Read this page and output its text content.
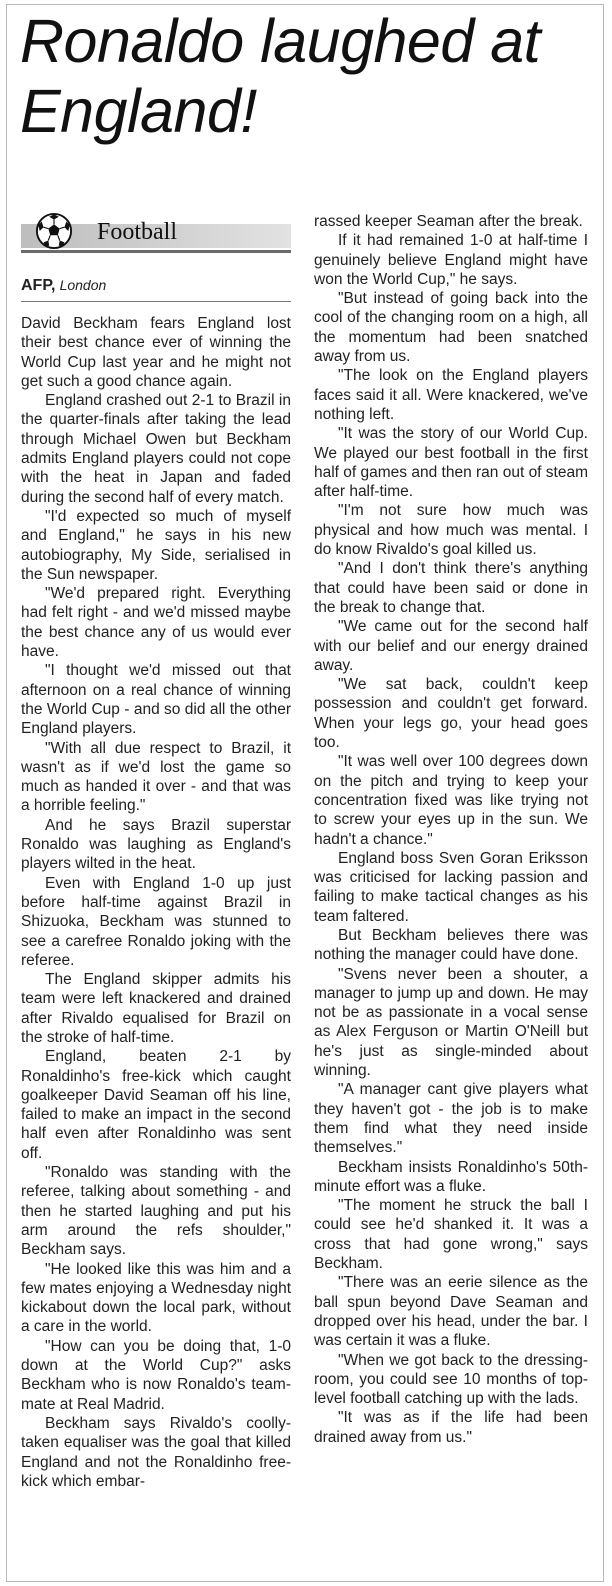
Ronaldo laughed at England!
Football
AFP, London

David Beckham fears England lost their best chance ever of winning the World Cup last year and he might not get such a good chance again.

England crashed out 2-1 to Brazil in the quarter-finals after taking the lead through Michael Owen but Beckham admits England players could not cope with the heat in Japan and faded during the second half of every match.

"I'd expected so much of myself and England," he says in his new autobiography, My Side, serialised in the Sun newspaper.

"We'd prepared right. Everything had felt right - and we'd missed maybe the best chance any of us would ever have.

"I thought we'd missed out that afternoon on a real chance of winning the World Cup - and so did all the other England players.

"With all due respect to Brazil, it wasn't as if we'd lost the game so much as handed it over - and that was a horrible feeling."

And he says Brazil superstar Ronaldo was laughing as England's players wilted in the heat.

Even with England 1-0 up just before half-time against Brazil in Shizuoka, Beckham was stunned to see a carefree Ronaldo joking with the referee.

The England skipper admits his team were left knackered and drained after Rivaldo equalised for Brazil on the stroke of half-time.

England, beaten 2-1 by Ronaldinho's free-kick which caught goalkeeper David Seaman off his line, failed to make an impact in the second half even after Ronaldinho was sent off.

"Ronaldo was standing with the referee, talking about something - and then he started laughing and put his arm around the refs shoulder," Beckham says.

"He looked like this was him and a few mates enjoying a Wednesday night kickabout down the local park, without a care in the world.

"How can you be doing that, 1-0 down at the World Cup?" asks Beckham who is now Ronaldo's team-mate at Real Madrid.

Beckham says Rivaldo's coolly-taken equaliser was the goal that killed England and not the Ronaldinho free-kick which embar-

rassed keeper Seaman after the break.

If it had remained 1-0 at half-time I genuinely believe England might have won the World Cup," he says.

"But instead of going back into the cool of the changing room on a high, all the momentum had been snatched away from us.

"The look on the England players faces said it all. Were knackered, we've nothing left.

"It was the story of our World Cup. We played our best football in the first half of games and then ran out of steam after half-time.

"I'm not sure how much was physical and how much was mental. I do know Rivaldo's goal killed us.

"And I don't think there's anything that could have been said or done in the break to change that.

"We came out for the second half with our belief and our energy drained away.

"We sat back, couldn't keep possession and couldn't get forward. When your legs go, your head goes too.

"It was well over 100 degrees down on the pitch and trying to keep your concentration fixed was like trying not to screw your eyes up in the sun. We hadn't a chance."

England boss Sven Goran Eriksson was criticised for lacking passion and failing to make tactical changes as his team faltered.

But Beckham believes there was nothing the manager could have done.

"Svens never been a shouter, a manager to jump up and down. He may not be as passionate in a vocal sense as Alex Ferguson or Martin O'Neill but he's just as single-minded about winning.

"A manager cant give players what they haven't got - the job is to make them find what they need inside themselves."

Beckham insists Ronaldinho's 50th-minute effort was a fluke.

"The moment he struck the ball I could see he'd shanked it. It was a cross that had gone wrong," says Beckham.

"There was an eerie silence as the ball spun beyond Dave Seaman and dropped over his head, under the bar. I was certain it was a fluke.

"When we got back to the dressing-room, you could see 10 months of top-level football catching up with the lads.

"It was as if the life had been drained away from us."
